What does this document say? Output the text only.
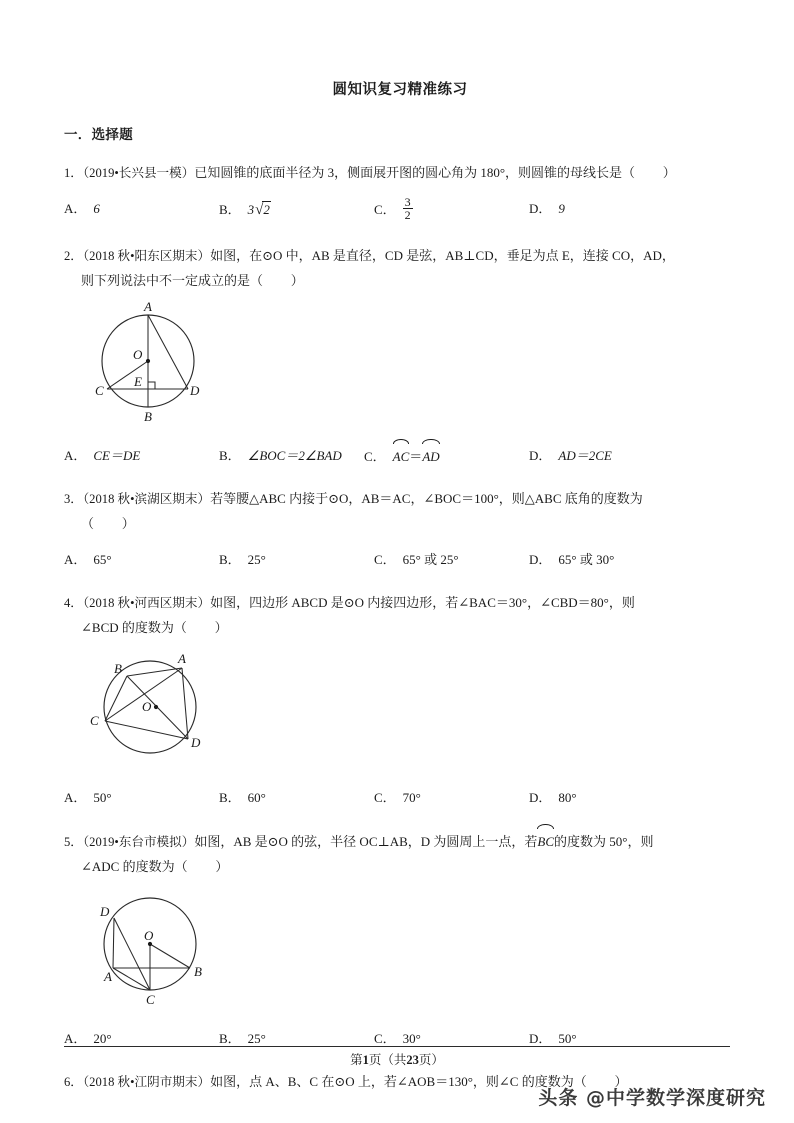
圆知识复习精准练习
一．选择题
1．（2019•长兴县一模）已知圆锥的底面半径为 3，侧面展开图的圆心角为 180°，则圆锥的母线长是（ ）
A． 6	B． 3√2	C． $\frac{3}{2}$	D． 9
2．（2018 秋•阳东区期末）如图，在⊙O 中，AB 是直径，CD 是弦，AB⊥CD，垂足为点 E，连接 CO，AD，
则下列说法中不一定成立的是（ ）
A
O
E
C	D
B
A． CE＝DE	B． ∠BOC＝2∠BAD C． AC＝
AD	D． AD＝2CE
3．（2018 秋•滨湖区期末）若等腰△ABC 内接于⊙O，AB＝AC，∠BOC＝100°，则△ABC 底角的度数为
（ ）
A． 65°	B． 25°	C． 65° 或 25°	D． 65° 或 30°
4．（2018 秋•河西区期末）如图，四边形 ABCD 是⊙O 内接四边形，若∠BAC＝30°，∠CBD＝80°，则
∠BCD 的度数为（ ）
A
B
C
D
O
A． 50°	B． 60°	C． 70°	D． 80°
5．（2019•东台市模拟）如图，AB 是⊙O 的弦，半径 OC⊥AB，D 为圆周上一点，若
BC的度数为 50°，则
∠ADC 的度数为（ ）
D
O
A	B
C
A． 20°	B． 25°	C． 30°	D． 50°
6．（2018 秋•江阴市期末）如图，点 A、B、C 在⊙O 上，若∠AOB＝130°，则∠C 的度数为（ ）
第1页（共23页）
头条 @中学数学深度研究
